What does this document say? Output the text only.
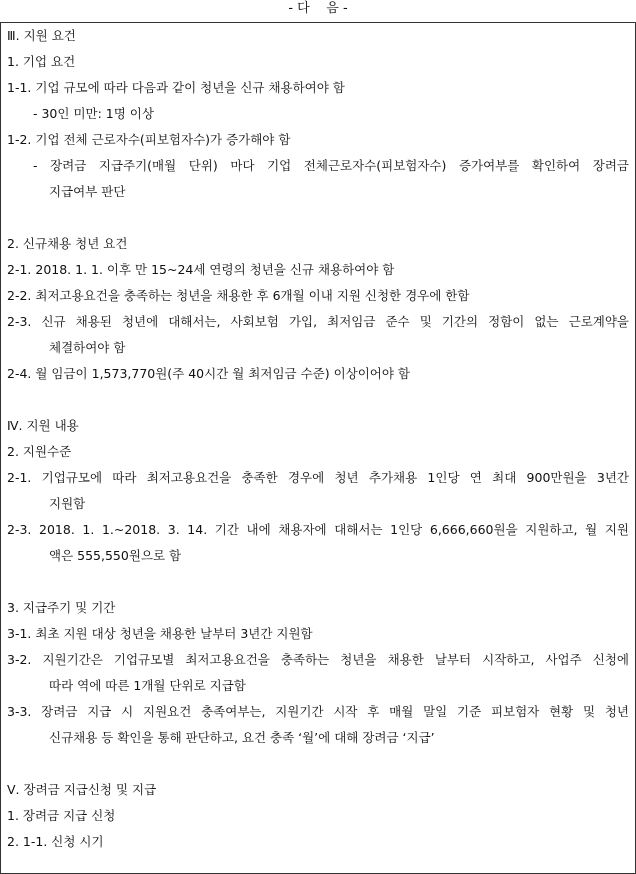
- 다    음 -
Ⅲ. 지원 요건
1. 기업 요건
1-1. 기업 규모에 따라 다음과 같이 청년을 신규 채용하여야 함
- 30인 미만: 1명 이상
1-2. 기업 전체 근로자수(피보험자수)가 증가해야 함
- 장려금 지급주기(매월 단위) 마다 기업 전체근로자수(피보험자수) 증가여부를 확인하여 장려금
지급여부 판단
2. 신규채용 청년 요건
2-1. 2018. 1. 1. 이후 만 15~24세 연령의 청년을 신규 채용하여야 함
2-2. 최저고용요건을 충족하는 청년을 채용한 후 6개월 이내 지원 신청한 경우에 한함
2-3. 신규 채용된 청년에 대해서는, 사회보험 가입, 최저임금 준수 및 기간의 정함이 없는 근로계약을
체결하여야 함
2-4. 월 임금이 1,573,770원(주 40시간 월 최저임금 수준) 이상이어야 함
Ⅳ. 지원 내용
2. 지원수준
2-1. 기업규모에 따라 최저고용요건을 충족한 경우에 청년 추가채용 1인당 연 최대 900만원을 3년간
지원함
2-3. 2018. 1. 1.~2018. 3. 14. 기간 내에 채용자에 대해서는 1인당 6,666,660원을 지원하고, 월 지원
액은 555,550원으로 함
3. 지급주기 및 기간
3-1. 최초 지원 대상 청년을 채용한 날부터 3년간 지원함
3-2. 지원기간은 기업규모별 최저고용요건을 충족하는 청년을 채용한 날부터 시작하고, 사업주 신청에
따라 역에 따른 1개월 단위로 지급함
3-3. 장려금 지급 시 지원요건 충족여부는, 지원기간 시작 후 매월 말일 기준 피보험자 현황 및 청년
신규채용 등 확인을 통해 판단하고, 요건 충족 ‘월’에 대해 장려금 ‘지급’
Ⅴ. 장려금 지급신청 및 지급
1. 장려금 지급 신청
2. 1-1. 신청 시기
